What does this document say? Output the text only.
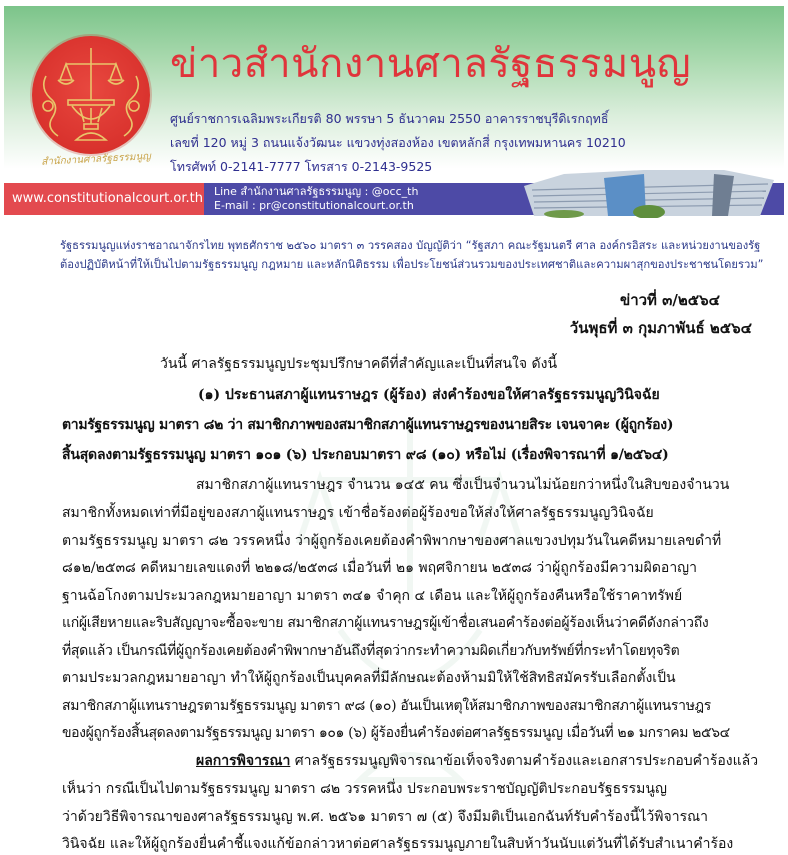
สำนักงานศาลรัฐธรรมนูญ
ข่าวสำนักงานศาลรัฐธรรมนูญ
ศูนย์ราชการเฉลิมพระเกียรติ 80 พรรษา 5 ธันวาคม 2550 อาคารราชบุรีดิเรกฤทธิ์
เลขที่ 120 หมู่ 3 ถนนแจ้งวัฒนะ แขวงทุ่งสองห้อง เขตหลักสี่ กรุงเทพมหานคร 10210
โทรศัพท์ 0-2141-7777 โทรสาร 0-2143-9525
www.constitutionalcourt.or.th Line สำนักงานศาลรัฐธรรมนูญ : @occ_th
E-mail : pr@constitutionalcourt.or.th
รัฐธรรมนูญแห่งราชอาณาจักรไทย พุทธศักราช ๒๕๖๐ มาตรา ๓ วรรคสอง บัญญัติว่า “รัฐสภา คณะรัฐมนตรี ศาล องค์กรอิสระ และหน่วยงานของรัฐ
ต้องปฏิบัติหน้าที่ให้เป็นไปตามรัฐธรรมนูญ กฎหมาย และหลักนิติธรรม เพื่อประโยชน์ส่วนรวมของประเทศชาติและความผาสุกของประชาชนโดยรวม”
ข่าวที่ ๓/๒๕๖๔
วันพุธที่ ๓ กุมภาพันธ์ ๒๕๖๔
วันนี้ ศาลรัฐธรรมนูญประชุมปรึกษาคดีที่สำคัญและเป็นที่สนใจ ดังนี้
(๑) ประธานสภาผู้แทนราษฎร (ผู้ร้อง) ส่งคำร้องขอให้ศาลรัฐธรรมนูญวินิจฉัย
ตามรัฐธรรมนูญ มาตรา ๘๒ ว่า สมาชิกภาพของสมาชิกสภาผู้แทนราษฎรของนายสิระ เจนจาคะ (ผู้ถูกร้อง)
สิ้นสุดลงตามรัฐธรรมนูญ มาตรา ๑๐๑ (๖) ประกอบมาตรา ๙๘ (๑๐) หรือไม่ (เรื่องพิจารณาที่ ๑/๒๕๖๔)
สมาชิกสภาผู้แทนราษฎร จำนวน ๑๔๕ คน ซึ่งเป็นจำนวนไม่น้อยกว่าหนึ่งในสิบของจำนวน
สมาชิกทั้งหมดเท่าที่มีอยู่ของสภาผู้แทนราษฎร เข้าชื่อร้องต่อผู้ร้องขอให้ส่งให้ศาลรัฐธรรมนูญวินิจฉัย
ตามรัฐธรรมนูญ มาตรา ๘๒ วรรคหนึ่ง ว่าผู้ถูกร้องเคยต้องคำพิพากษาของศาลแขวงปทุมวันในคดีหมายเลขดำที่
๘๑๒/๒๕๓๘ คดีหมายเลขแดงที่ ๒๒๑๘/๒๕๓๘ เมื่อวันที่ ๒๑ พฤศจิกายน ๒๕๓๘ ว่าผู้ถูกร้องมีความผิดอาญา
ฐานฉ้อโกงตามประมวลกฎหมายอาญา มาตรา ๓๔๑ จำคุก ๔ เดือน และให้ผู้ถูกร้องคืนหรือใช้ราคาทรัพย์
แก่ผู้เสียหายและริบสัญญาจะซื้อจะขาย สมาชิกสภาผู้แทนราษฎรผู้เข้าชื่อเสนอคำร้องต่อผู้ร้องเห็นว่าคดีดังกล่าวถึง
ที่สุดแล้ว เป็นกรณีที่ผู้ถูกร้องเคยต้องคำพิพากษาอันถึงที่สุดว่ากระทำความผิดเกี่ยวกับทรัพย์ที่กระทำโดยทุจริต
ตามประมวลกฎหมายอาญา ทำให้ผู้ถูกร้องเป็นบุคคลที่มีลักษณะต้องห้ามมิให้ใช้สิทธิสมัครรับเลือกตั้งเป็น
สมาชิกสภาผู้แทนราษฎรตามรัฐธรรมนูญ มาตรา ๙๘ (๑๐) อันเป็นเหตุให้สมาชิกภาพของสมาชิกสภาผู้แทนราษฎร
ของผู้ถูกร้องสิ้นสุดลงตามรัฐธรรมนูญ มาตรา ๑๐๑ (๖) ผู้ร้องยื่นคำร้องต่อศาลรัฐธรรมนูญ เมื่อวันที่ ๒๑ มกราคม ๒๕๖๔
ผลการพิจารณา ศาลรัฐธรรมนูญพิจารณาข้อเท็จจริงตามคำร้องและเอกสารประกอบคำร้องแล้ว
เห็นว่า กรณีเป็นไปตามรัฐธรรมนูญ มาตรา ๘๒ วรรคหนึ่ง ประกอบพระราชบัญญัติประกอบรัฐธรรมนูญ
ว่าด้วยวิธีพิจารณาของศาลรัฐธรรมนูญ พ.ศ. ๒๕๖๑ มาตรา ๗ (๕) จึงมีมติเป็นเอกฉันท์รับคำร้องนี้ไว้พิจารณา
วินิจฉัย และให้ผู้ถูกร้องยื่นคำชี้แจงแก้ข้อกล่าวหาต่อศาลรัฐธรรมนูญภายในสิบห้าวันนับแต่วันที่ได้รับสำเนาคำร้อง
